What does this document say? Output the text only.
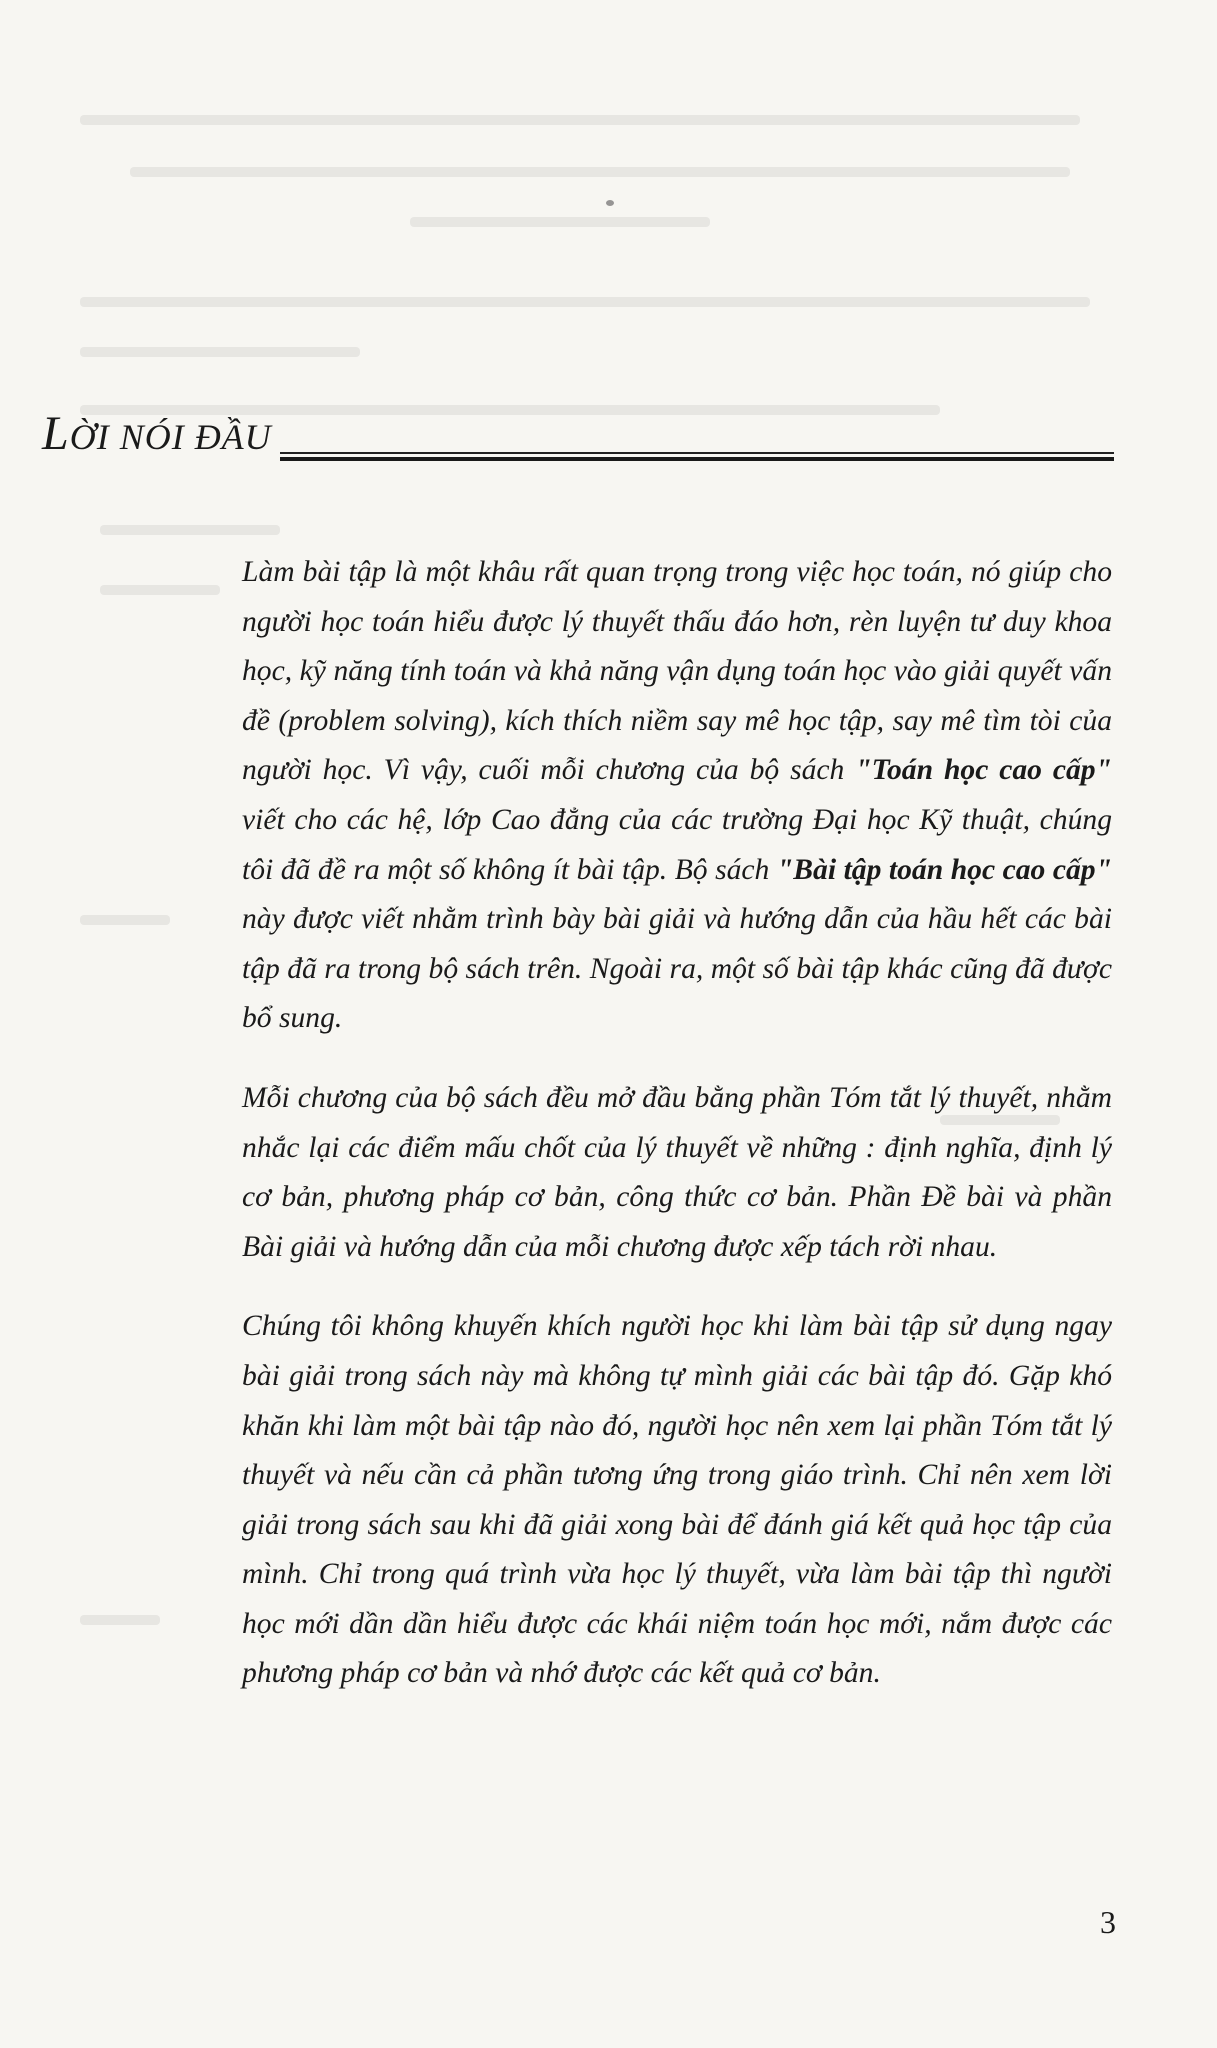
LỜI NÓI ĐẦU

Làm bài tập là một khâu rất quan trọng trong việc học toán, nó giúp cho người học toán hiểu được lý thuyết thấu đáo hơn, rèn luyện tư duy khoa học, kỹ năng tính toán và khả năng vận dụng toán học vào giải quyết vấn đề (problem solving), kích thích niềm say mê học tập, say mê tìm tòi của người học. Vì vậy, cuối mỗi chương của bộ sách "Toán học cao cấp" viết cho các hệ, lớp Cao đẳng của các trường Đại học Kỹ thuật, chúng tôi đã đề ra một số không ít bài tập. Bộ sách "Bài tập toán học cao cấp" này được viết nhằm trình bày bài giải và hướng dẫn của hầu hết các bài tập đã ra trong bộ sách trên. Ngoài ra, một số bài tập khác cũng đã được bổ sung.

Mỗi chương của bộ sách đều mở đầu bằng phần Tóm tắt lý thuyết, nhằm nhắc lại các điểm mấu chốt của lý thuyết về những : định nghĩa, định lý cơ bản, phương pháp cơ bản, công thức cơ bản. Phần Đề bài và phần Bài giải và hướng dẫn của mỗi chương được xếp tách rời nhau.

Chúng tôi không khuyến khích người học khi làm bài tập sử dụng ngay bài giải trong sách này mà không tự mình giải các bài tập đó. Gặp khó khăn khi làm một bài tập nào đó, người học nên xem lại phần Tóm tắt lý thuyết và nếu cần cả phần tương ứng trong giáo trình. Chỉ nên xem lời giải trong sách sau khi đã giải xong bài để đánh giá kết quả học tập của mình. Chỉ trong quá trình vừa học lý thuyết, vừa làm bài tập thì người học mới dần dần hiểu được các khái niệm toán học mới, nắm được các phương pháp cơ bản và nhớ được các kết quả cơ bản.

3
